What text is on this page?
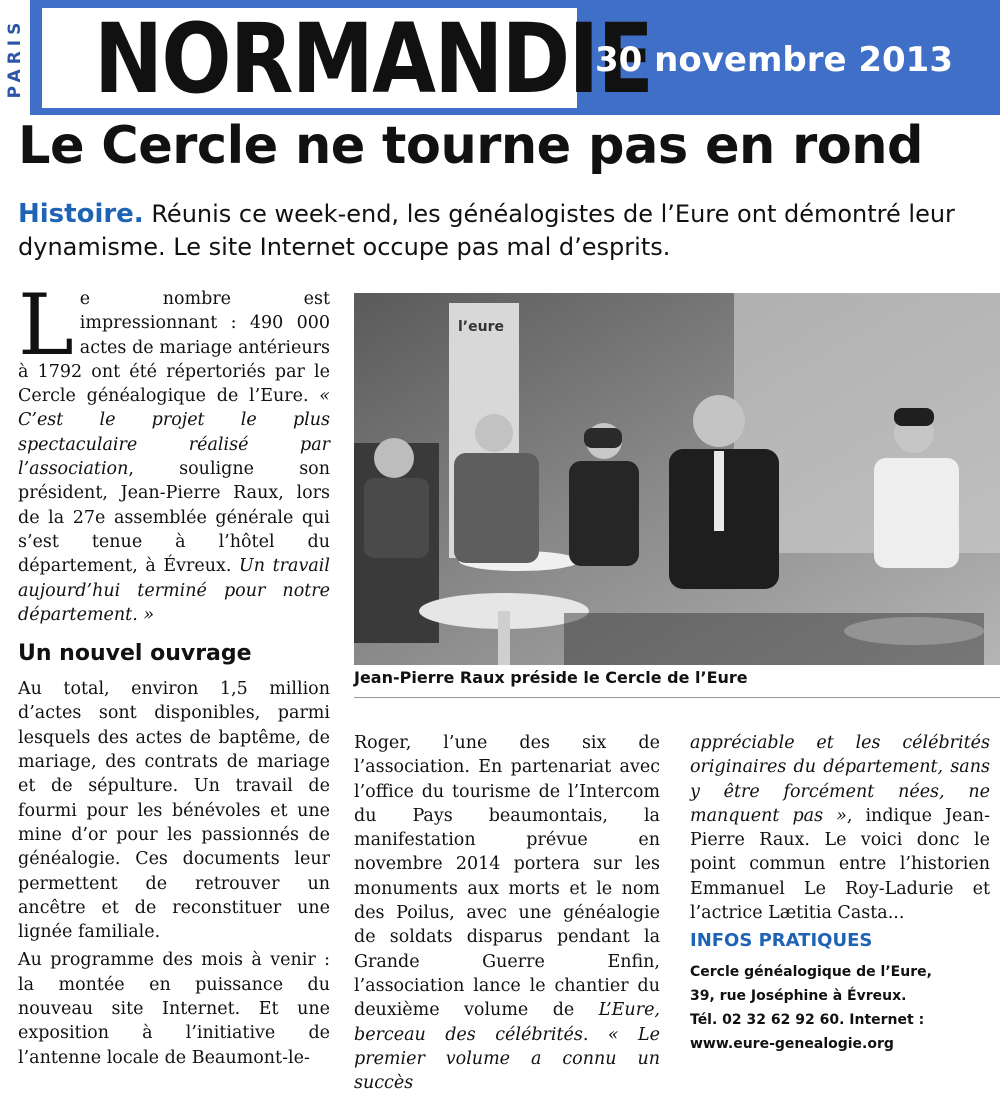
PARIS NORMANDIE
30 novembre 2013
Le Cercle ne tourne pas en rond
Histoire. Réunis ce week-end, les généalogistes de l’Eure ont démontré leur dynamisme. Le site Internet occupe pas mal d’esprits.

Le nombre est impressionnant : 490 000 actes de mariage antérieurs à 1792 ont été répertoriés par le Cercle généalogique de l’Eure. « C’est le projet le plus spectaculaire réalisé par l’association, souligne son président, Jean-Pierre Raux, lors de la 27e assemblée générale qui s’est tenue à l’hôtel du département, à Évreux. Un travail aujourd’hui terminé pour notre département. »

Un nouvel ouvrage

Au total, environ 1,5 million d’actes sont disponibles, parmi lesquels des actes de baptême, de mariage, des contrats de mariage et de sépulture. Un travail de fourmi pour les bénévoles et une mine d’or pour les passionnés de généalogie. Ces documents leur permettent de retrouver un ancêtre et de reconstituer une lignée familiale.

Au programme des mois à venir : la montée en puissance du nouveau site Internet. Et une exposition à l’initiative de l’antenne locale de Beaumont-le-

l’eure
Jean-Pierre Raux préside le Cercle de l’Eure

Roger, l’une des six de l’association. En partenariat avec l’office du tourisme de l’Intercom du Pays beaumontais, la manifestation prévue en novembre 2014 portera sur les monuments aux morts et le nom des Poilus, avec une généalogie de soldats disparus pendant la Grande Guerre Enfin, l’association lance le chantier du deuxième volume de L’Eure, berceau des célébrités. « Le premier volume a connu un succès

appréciable et les célébrités originaires du département, sans y être forcément nées, ne manquent pas », indique Jean-Pierre Raux. Le voici donc le point commun entre l’historien Emmanuel Le Roy-Ladurie et l’actrice Lætitia Casta...

INFOS PRATIQUES
Cercle généalogique de l’Eure,
39, rue Joséphine à Évreux.
Tél. 02 32 62 92 60. Internet :
www.eure-genealogie.org
